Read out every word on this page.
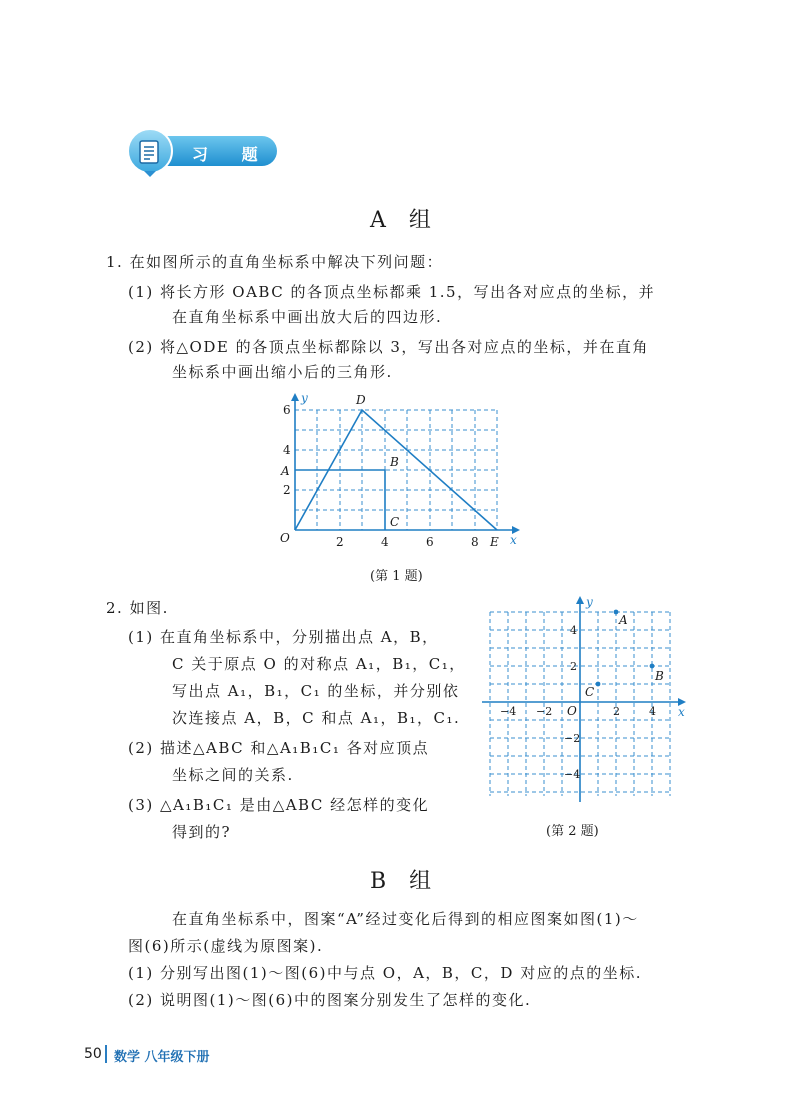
习 题
A 组
1. 在如图所示的直角坐标系中解决下列问题：
(1) 将长方形 OABC 的各顶点坐标都乘 1.5，写出各对应点的坐标，并
在直角坐标系中画出放大后的四边形.
(2) 将△ODE 的各顶点坐标都除以 3，写出各对应点的坐标，并在直角
坐标系中画出缩小后的三角形.
y
x
O
A
B
C
D
E
2	4	6	8
2
4
6
(第 1 题)
2. 如图.
(1) 在直角坐标系中，分别描出点 A，B，
C 关于原点 O 的对称点 A₁，B₁，C₁，
写出点 A₁，B₁，C₁ 的坐标，并分别依
次连接点 A，B，C 和点 A₁，B₁，C₁.
(2) 描述△ABC 和△A₁B₁C₁ 各对应顶点
坐标之间的关系.
(3) △A₁B₁C₁ 是由△ABC 经怎样的变化
得到的?
y
x
A
B
C
O
−4 −2	2	4
4
2
−2
−4
(第 2 题)
B 组
在直角坐标系中，图案“A”经过变化后得到的相应图案如图(1)～
图(6)所示(虚线为原图案).
(1) 分别写出图(1)～图(6)中与点 O，A，B，C，D 对应的点的坐标.
(2) 说明图(1)～图(6)中的图案分别发生了怎样的变化.
50 数学 八年级下册
